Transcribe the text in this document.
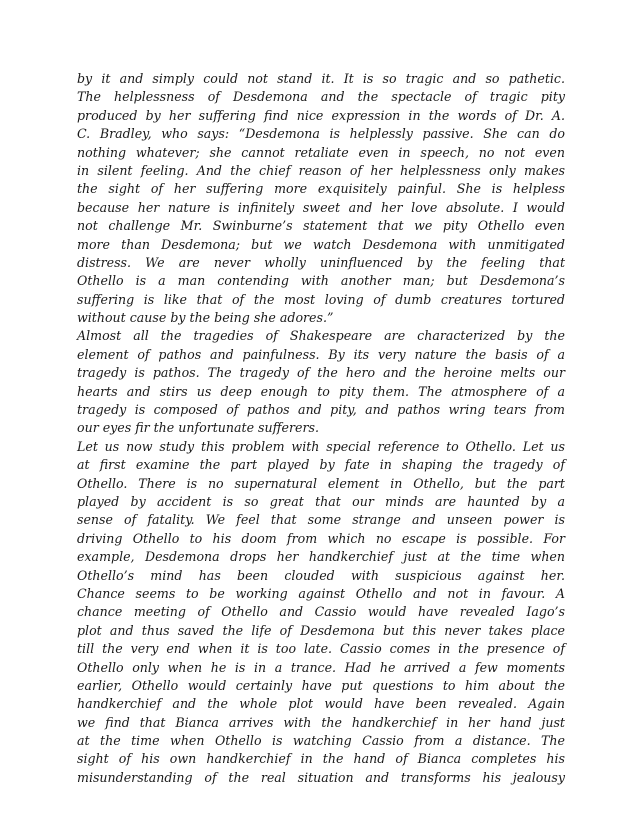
by it and simply could not stand it. It is so tragic and so pathetic.
The helplessness of Desdemona and the spectacle of tragic pity
produced by her suffering find nice expression in the words of Dr. A.
C. Bradley, who says: “Desdemona is helplessly passive. She can do
nothing whatever; she cannot retaliate even in speech, no not even
in silent feeling. And the chief reason of her helplessness only makes
the sight of her suffering more exquisitely painful. She is helpless
because her nature is infinitely sweet and her love absolute. I would
not challenge Mr. Swinburne’s statement that we pity Othello even
more than Desdemona; but we watch Desdemona with unmitigated
distress. We are never wholly uninfluenced by the feeling that
Othello is a man contending with another man; but Desdemona’s
suffering is like that of the most loving of dumb creatures tortured
without cause by the being she adores.”
Almost all the tragedies of Shakespeare are characterized by the
element of pathos and painfulness. By its very nature the basis of a
tragedy is pathos. The tragedy of the hero and the heroine melts our
hearts and stirs us deep enough to pity them. The atmosphere of a
tragedy is composed of pathos and pity, and pathos wring tears from
our eyes fir the unfortunate sufferers.
Let us now study this problem with special reference to Othello. Let us
at first examine the part played by fate in shaping the tragedy of
Othello. There is no supernatural element in Othello, but the part
played by accident is so great that our minds are haunted by a
sense of fatality. We feel that some strange and unseen power is
driving Othello to his doom from which no escape is possible. For
example, Desdemona drops her handkerchief just at the time when
Othello’s mind has been clouded with suspicious against her.
Chance seems to be working against Othello and not in favour. A
chance meeting of Othello and Cassio would have revealed Iago’s
plot and thus saved the life of Desdemona but this never takes place
till the very end when it is too late. Cassio comes in the presence of
Othello only when he is in a trance. Had he arrived a few moments
earlier, Othello would certainly have put questions to him about the
handkerchief and the whole plot would have been revealed. Again
we find that Bianca arrives with the handkerchief in her hand just
at the time when Othello is watching Cassio from a distance. The
sight of his own handkerchief in the hand of Bianca completes his
misunderstanding of the real situation and transforms his jealousy
